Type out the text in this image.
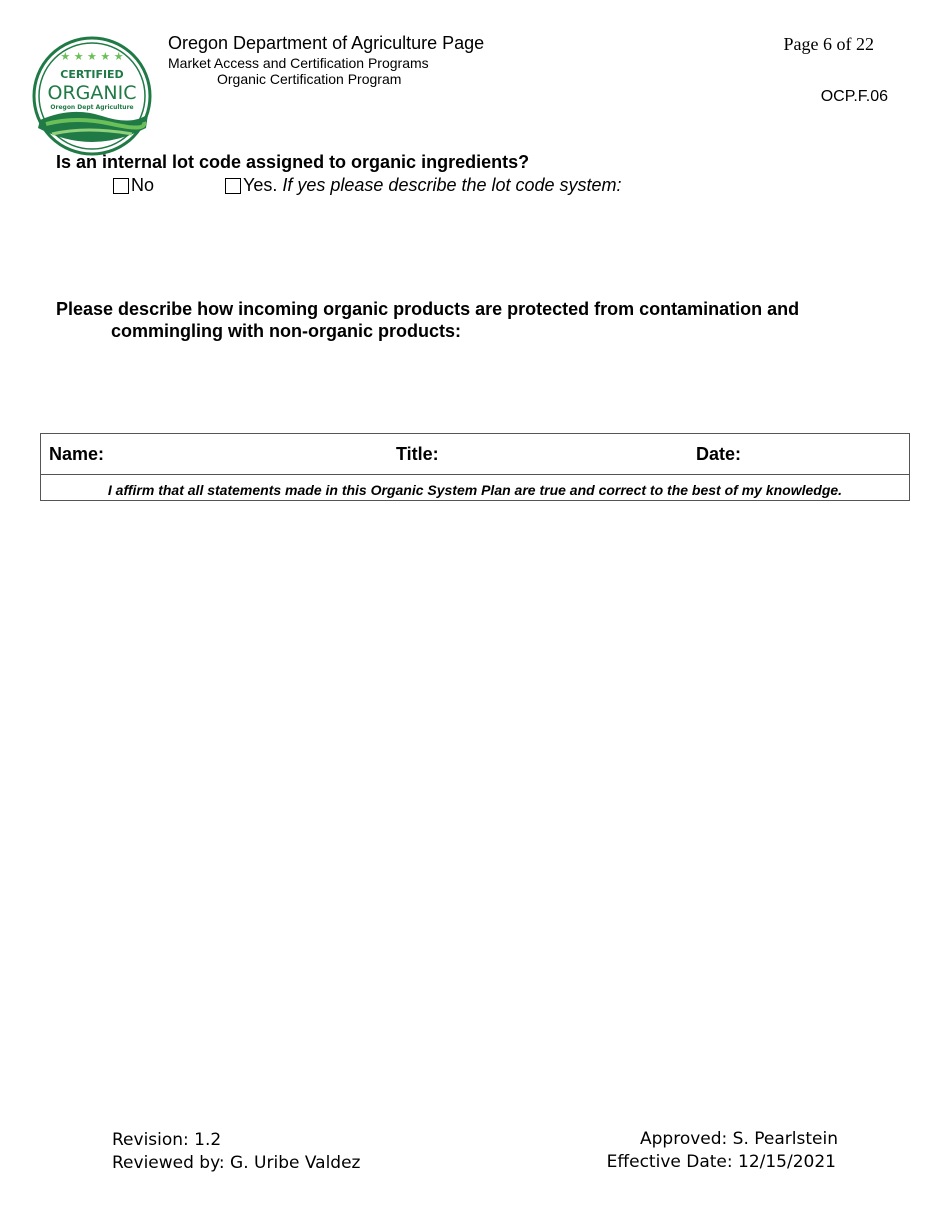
★ ★ ★ ★ ★
CERTIFIED
ORGANIC
Oregon Dept Agriculture
Oregon Department of Agriculture Page
Market Access and Certification Programs
Organic Certification Program
Page 6 of 22
OCP.F.06
Is an internal lot code assigned to organic ingredients?
No	Yes. If yes please describe the lot code system:
Please describe how incoming organic products are protected from contamination and
commingling with non-organic products:
Name:	Title:	Date:
I affirm that all statements made in this Organic System Plan are true and correct to the best of my knowledge.
Revision: 1.2
Reviewed by: G. Uribe Valdez
Approved: S. Pearlstein
Effective Date: 12/15/2021
